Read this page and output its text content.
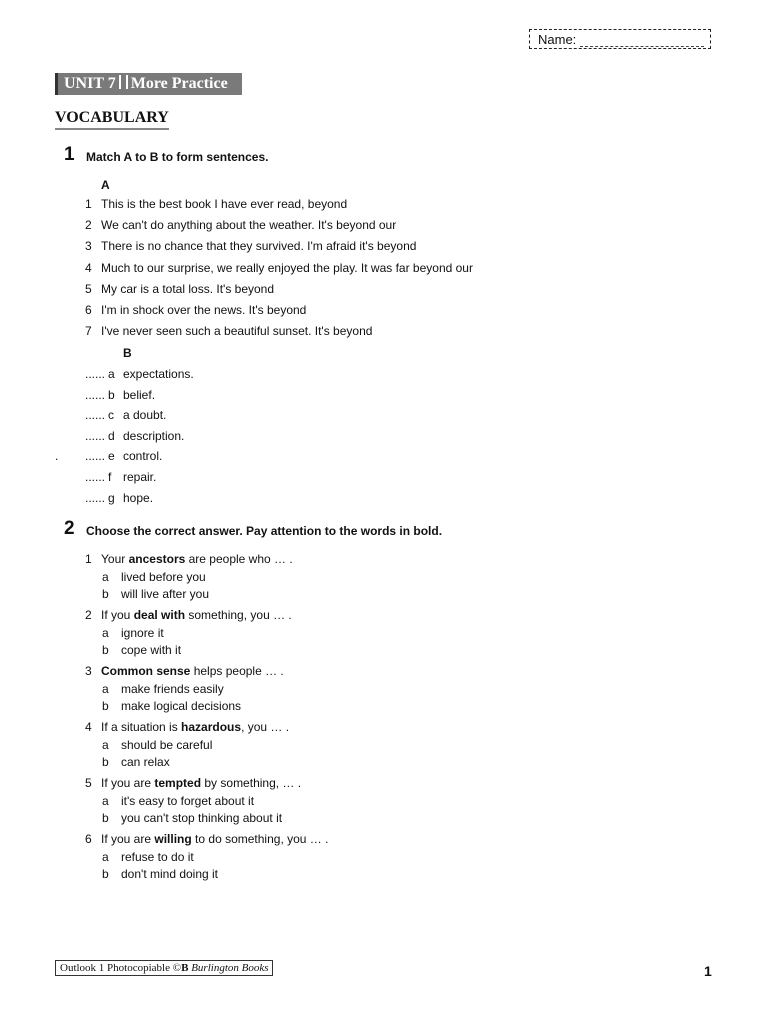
Name:
UNIT 7 More Practice
VOCABULARY
1 Match A to B to form sentences.
A
1 This is the best book I have ever read, beyond
2 We can't do anything about the weather. It's beyond our
3 There is no chance that they survived. I'm afraid it's beyond
4 Much to our surprise, we really enjoyed the play. It was far beyond our
5 My car is a total loss. It's beyond
6 I'm in shock over the news. It's beyond
7 I've never seen such a beautiful sunset. It's beyond
B
...... a expectations.
...... b belief.
...... c a doubt.
...... d description.
...... e control.
...... f repair.
...... g hope.
.
2 Choose the correct answer. Pay attention to the words in bold.
1 Your ancestors are people who … .
a lived before you
b will live after you
2 If you deal with something, you … .
a ignore it
b cope with it
3 Common sense helps people … .
a make friends easily
b make logical decisions
4 If a situation is hazardous, you … .
a should be careful
b can relax
5 If you are tempted by something, … .
a it's easy to forget about it
b you can't stop thinking about it
6 If you are willing to do something, you … .
a refuse to do it
b don't mind doing it
Outlook 1 Photocopiable ©B Burlington Books	1
